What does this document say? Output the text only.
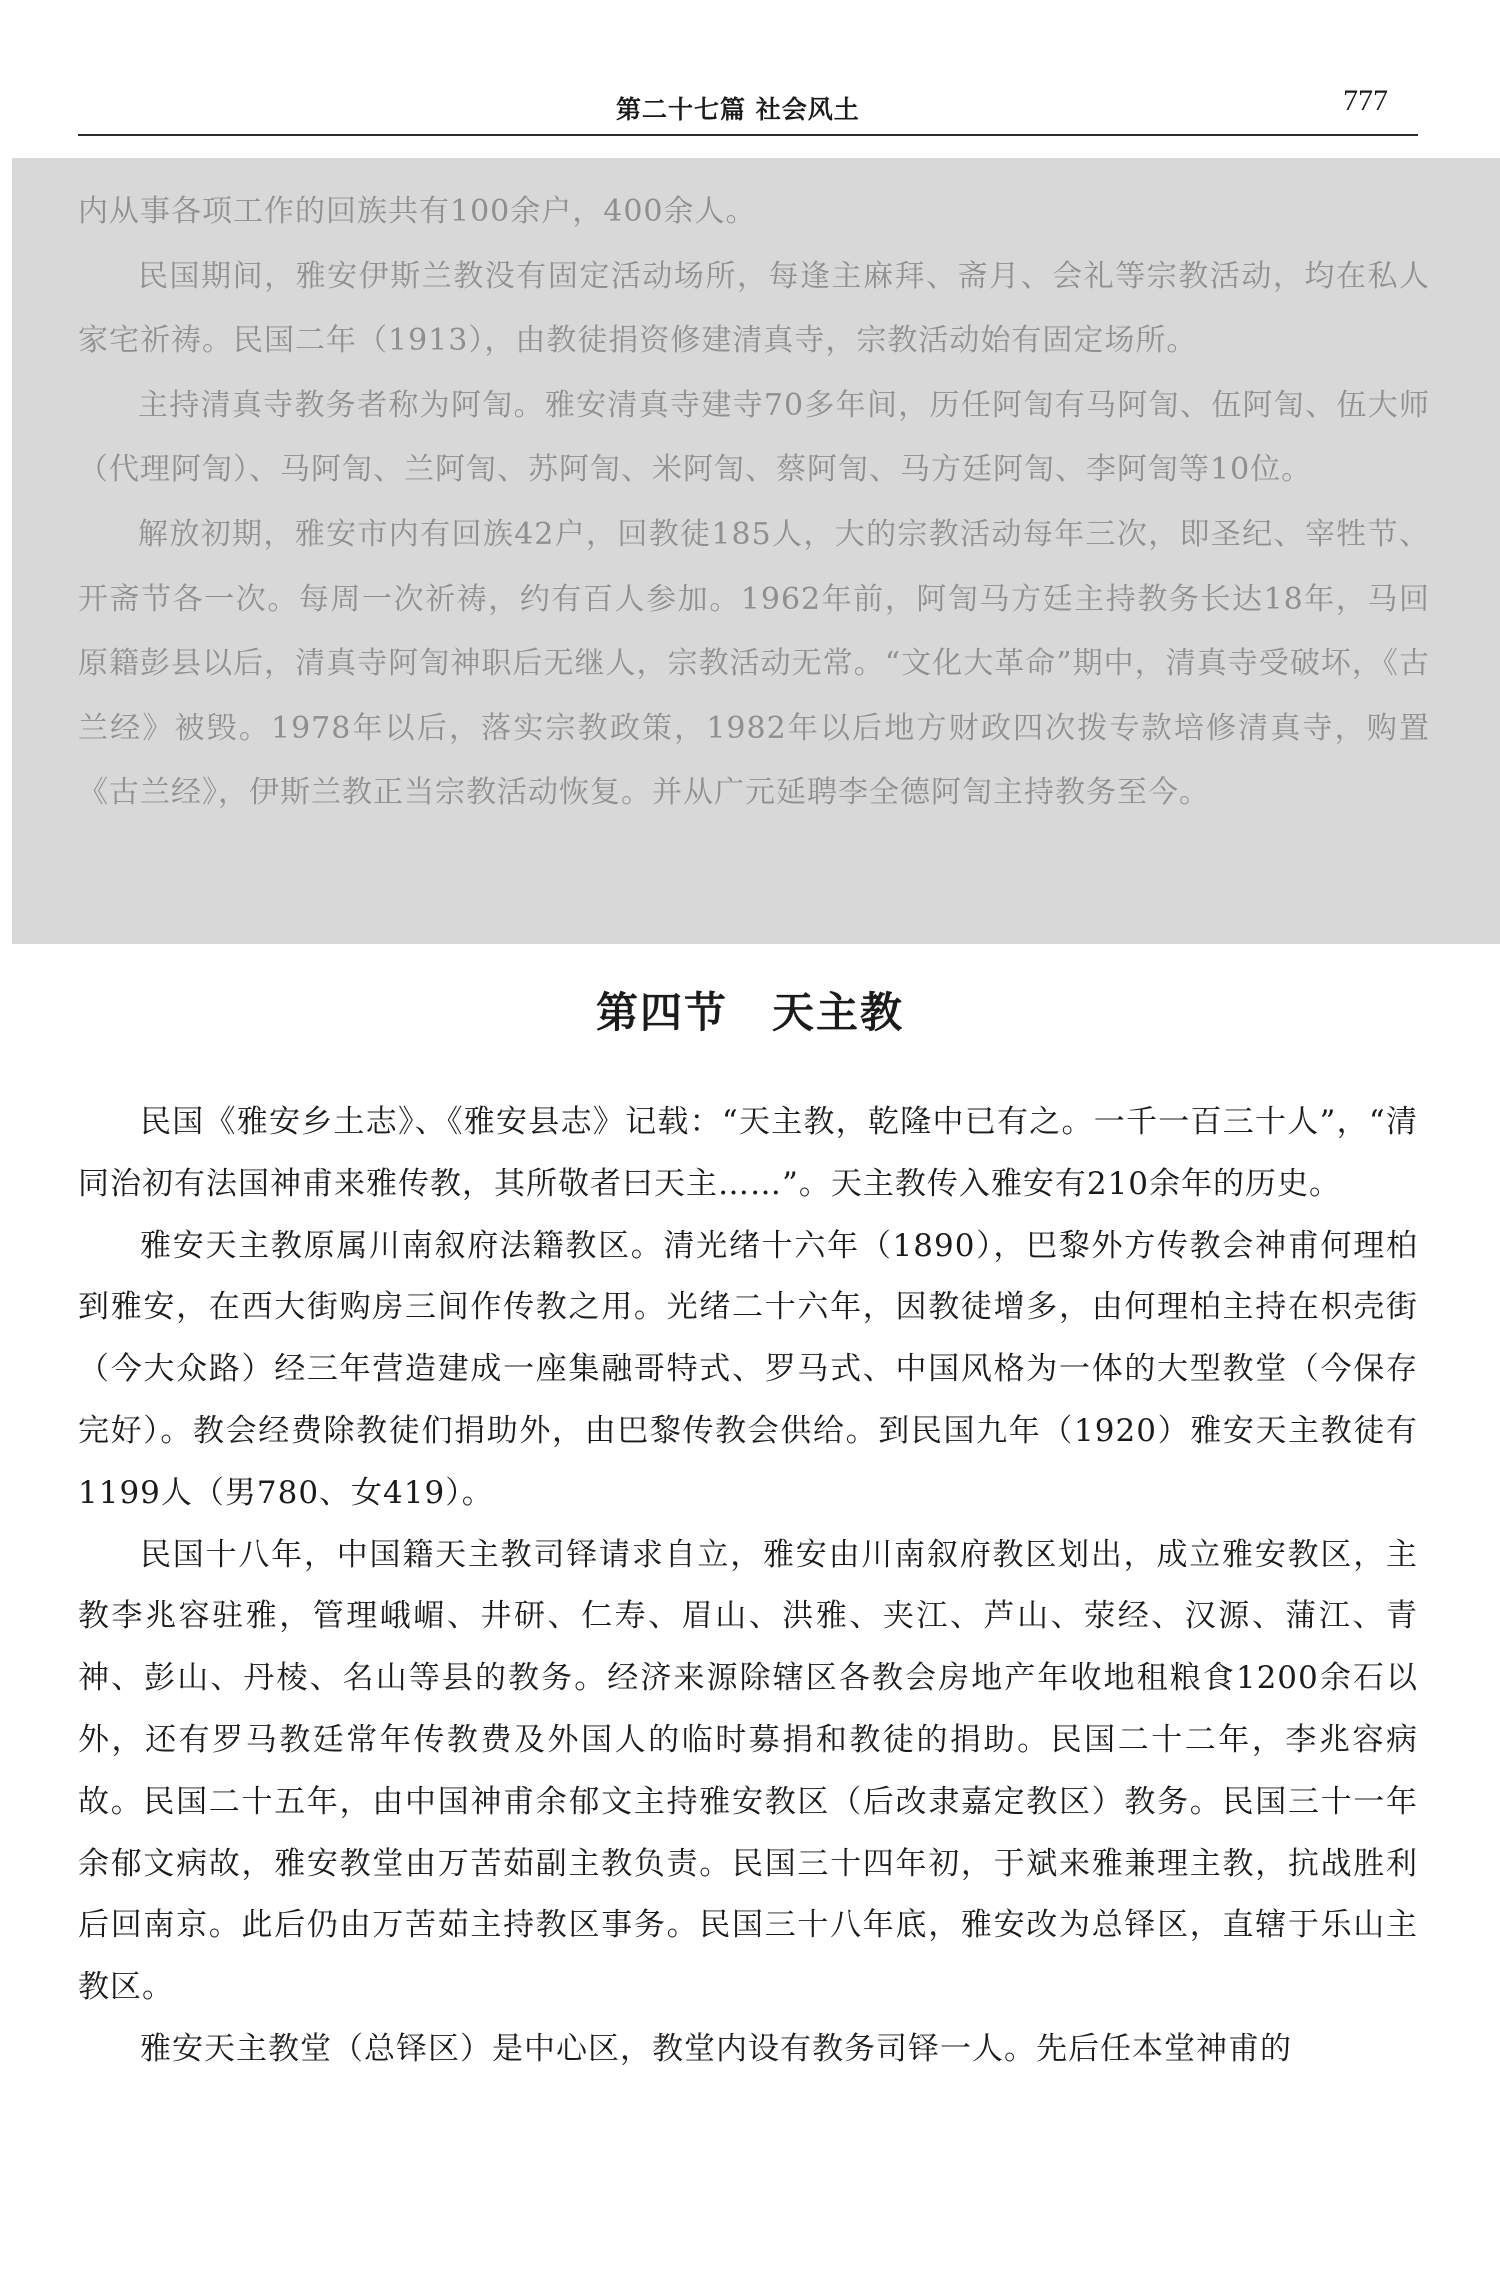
第二十七篇 社会风土	777

内从事各项工作的回族共有100余户，400余人。

民国期间，雅安伊斯兰教没有固定活动场所，每逢主麻拜、斋月、会礼等宗教活动，均在私人家宅祈祷。民国二年（1913），由教徒捐资修建清真寺，宗教活动始有固定场所。

主持清真寺教务者称为阿訇。雅安清真寺建寺70多年间，历任阿訇有马阿訇、伍阿訇、伍大师（代理阿訇）、马阿訇、兰阿訇、苏阿訇、米阿訇、蔡阿訇、马方廷阿訇、李阿訇等10位。

解放初期，雅安市内有回族42户，回教徒185人，大的宗教活动每年三次，即圣纪、宰牲节、开斋节各一次。每周一次祈祷，约有百人参加。1962年前，阿訇马方廷主持教务长达18年，马回原籍彭县以后，清真寺阿訇神职后无继人，宗教活动无常。“文化大革命”期中，清真寺受破坏，《古兰经》被毁。1978年以后，落实宗教政策，1982年以后地方财政四次拨专款培修清真寺，购置《古兰经》，伊斯兰教正当宗教活动恢复。并从广元延聘李全德阿訇主持教务至今。

第四节　天主教

民国《雅安乡土志》、《雅安县志》记载：“天主教，乾隆中已有之。一千一百三十人”，“清同治初有法国神甫来雅传教，其所敬者曰天主……”。天主教传入雅安有210余年的历史。

雅安天主教原属川南叙府法籍教区。清光绪十六年（1890），巴黎外方传教会神甫何理柏到雅安，在西大街购房三间作传教之用。光绪二十六年，因教徒增多，由何理柏主持在枳壳街（今大众路）经三年营造建成一座集融哥特式、罗马式、中国风格为一体的大型教堂（今保存完好）。教会经费除教徒们捐助外，由巴黎传教会供给。到民国九年（1920）雅安天主教徒有1199人（男780、女419）。

民国十八年，中国籍天主教司铎请求自立，雅安由川南叙府教区划出，成立雅安教区，主教李兆容驻雅，管理峨嵋、井研、仁寿、眉山、洪雅、夹江、芦山、荥经、汉源、蒲江、青神、彭山、丹棱、名山等县的教务。经济来源除辖区各教会房地产年收地租粮食1200余石以外，还有罗马教廷常年传教费及外国人的临时募捐和教徒的捐助。民国二十二年，李兆容病故。民国二十五年，由中国神甫余郁文主持雅安教区（后改隶嘉定教区）教务。民国三十一年余郁文病故，雅安教堂由万苦茹副主教负责。民国三十四年初，于斌来雅兼理主教，抗战胜利后回南京。此后仍由万苦茹主持教区事务。民国三十八年底，雅安改为总铎区，直辖于乐山主教区。

雅安天主教堂（总铎区）是中心区，教堂内设有教务司铎一人。先后任本堂神甫的
